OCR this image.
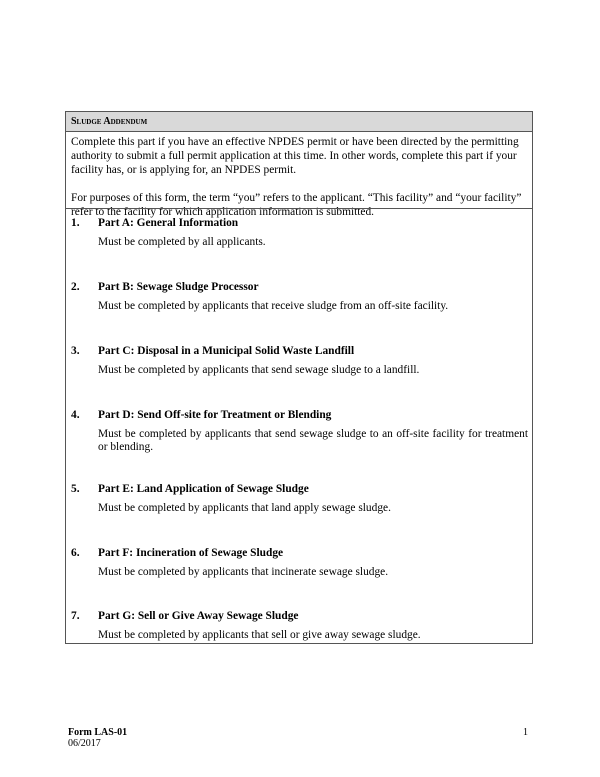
Sludge Addendum

Complete this part if you have an effective NPDES permit or have been directed by the permitting authority to submit a full permit application at this time. In other words, complete this part if your facility has, or is applying for, an NPDES permit.

For purposes of this form, the term “you” refers to the applicant. “This facility” and “your facility” refer to the facility for which application information is submitted.

1. Part A: General Information
Must be completed by all applicants.
2. Part B: Sewage Sludge Processor
Must be completed by applicants that receive sludge from an off-site facility.
3. Part C: Disposal in a Municipal Solid Waste Landfill
Must be completed by applicants that send sewage sludge to a landfill.
4. Part D: Send Off-site for Treatment or Blending
Must be completed by applicants that send sewage sludge to an off-site facility for treatment or blending.
5. Part E: Land Application of Sewage Sludge
Must be completed by applicants that land apply sewage sludge.
6. Part F: Incineration of Sewage Sludge
Must be completed by applicants that incinerate sewage sludge.
7. Part G: Sell or Give Away Sewage Sludge
Must be completed by applicants that sell or give away sewage sludge.
Form LAS-01
06/2017
1
